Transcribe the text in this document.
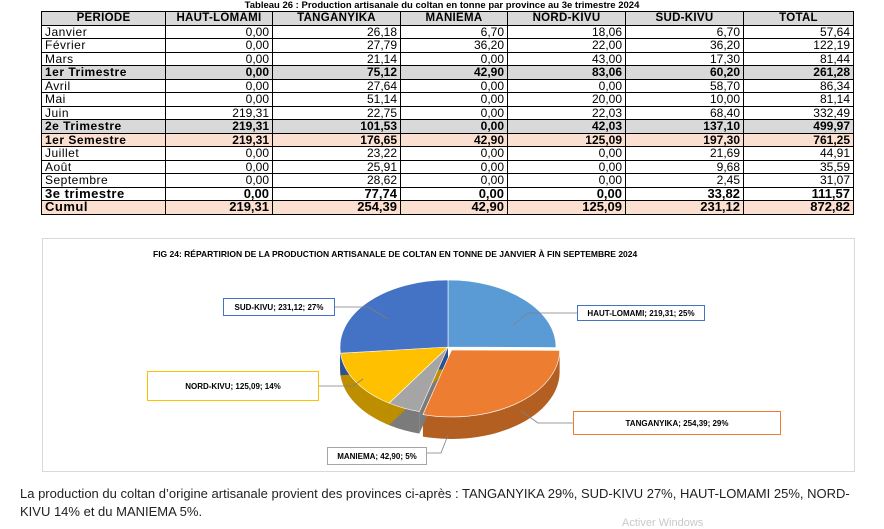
Tableau 26 : Production artisanale du coltan en tonne par province au 3e trimestre 2024
PERIODE	HAUT-LOMAMI	TANGANYIKA	MANIEMA	NORD-KIVU	SUD-KIVU	TOTAL
Janvier	0,00	26,18	6,70	18,06	6,70	57,64
Février	0,00	27,79	36,20	22,00	36,20	122,19
Mars	0,00	21,14	0,00	43,00	17,30	81,44
1er Trimestre	0,00	75,12	42,90	83,06	60,20	261,28
Avril	0,00	27,64	0,00	0,00	58,70	86,34
Mai	0,00	51,14	0,00	20,00	10,00	81,14
Juin	219,31	22,75	0,00	22,03	68,40	332,49
2e Trimestre	219,31	101,53	0,00	42,03	137,10	499,97
1er Semestre	219,31	176,65	42,90	125,09	197,30	761,25
Juillet	0,00	23,22	0,00	0,00	21,69	44,91
Août	0,00	25,91	0,00	0,00	9,68	35,59
Septembre	0,00	28,62	0,00	0,00	2,45	31,07
3e trimestre	0,00	77,74	0,00	0,00	33,82	111,57
Cumul	219,31	254,39	42,90	125,09	231,12	872,82
FIG 24: RÉPARTIRION DE LA PRODUCTION ARTISANALE DE COLTAN EN TONNE DE JANVIER À FIN SEPTEMBRE 2024
HAUT-LOMAMI; 219,31; 25%
TANGANYIKA; 254,39; 29%
MANIEMA; 42,90; 5%
NORD-KIVU; 125,09; 14%
SUD-KIVU; 231,12; 27%
La production du coltan d’origine artisanale provient des provinces ci-après : TANGANYIKA 29%, SUD-KIVU 27%, HAUT-LOMAMI 25%, NORD-KIVU 14% et du MANIEMA 5%.
Activer Windows
